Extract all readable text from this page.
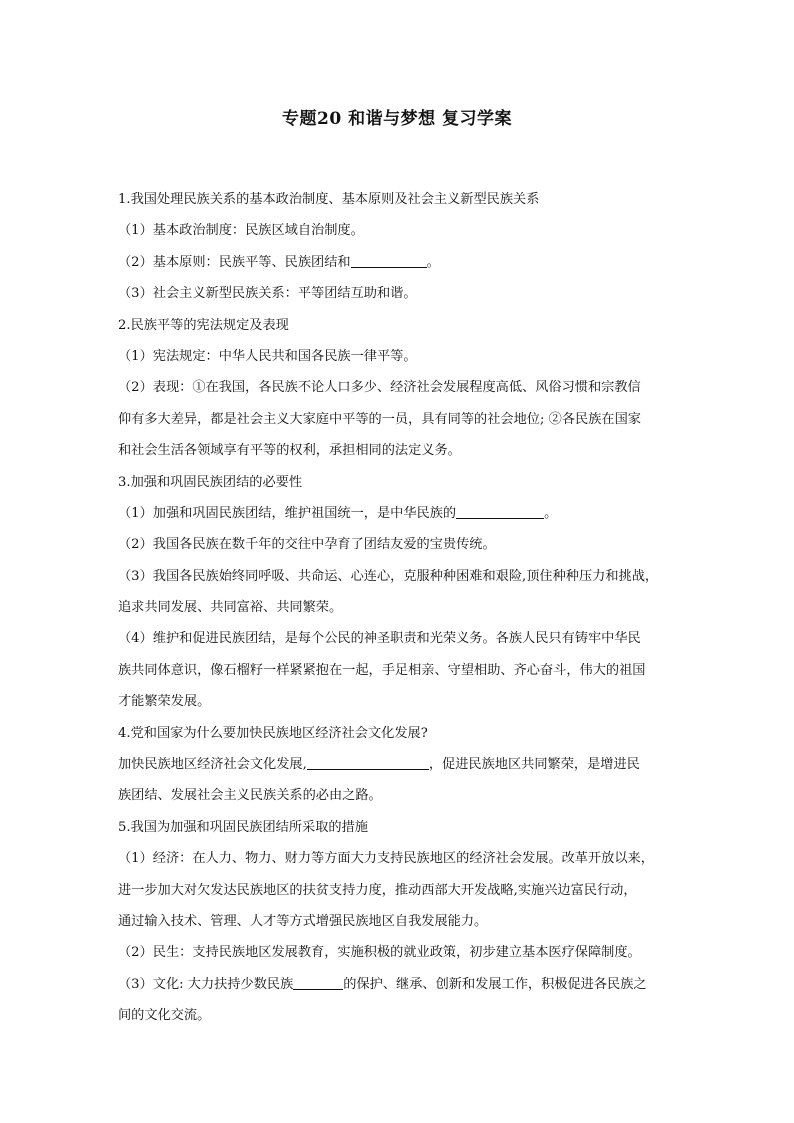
专题20 和谐与梦想 复习学案
1.我国处理民族关系的基本政治制度、基本原则及社会主义新型民族关系
（1）基本政治制度：民族区域自治制度。
（2）基本原则：民族平等、民族团结和	。
（3）社会主义新型民族关系：平等团结互助和谐。
2.民族平等的宪法规定及表现
（1）宪法规定：中华人民共和国各民族一律平等。
（2）表现：①在我国，各民族不论人口多少、经济社会发展程度高低、风俗习惯和宗教信
仰有多大差异，都是社会主义大家庭中平等的一员，具有同等的社会地位; ②各民族在国家
和社会生活各领域享有平等的权利，承担相同的法定义务。
3.加强和巩固民族团结的必要性
（1）加强和巩固民族团结，维护祖国统一，是中华民族的	。
（2）我国各民族在数千年的交往中孕育了团结友爱的宝贵传统。
（3）我国各民族始终同呼吸、共命运、心连心，克服种种困难和艰险,顶住种种压力和挑战，
追求共同发展、共同富裕、共同繁荣。
（4）维护和促进民族团结，是每个公民的神圣职责和光荣义务。各族人民只有铸牢中华民
族共同体意识，像石榴籽一样紧紧抱在一起，手足相亲、守望相助、齐心奋斗，伟大的祖国
才能繁荣发展。
4.党和国家为什么要加快民族地区经济社会文化发展?
加快民族地区经济社会文化发展,	，促进民族地区共同繁荣，是增进民
族团结、发展社会主义民族关系的必由之路。
5.我国为加强和巩固民族团结所采取的措施
（1）经济：在人力、物力、财力等方面大力支持民族地区的经济社会发展。改革开放以来，
进一步加大对欠发达民族地区的扶贫支持力度，推动西部大开发战略,实施兴边富民行动，
通过输入技术、管理、人才等方式增强民族地区自我发展能力。
（2）民生：支持民族地区发展教育，实施积极的就业政策，初步建立基本医疗保障制度。
（3）文化: 大力扶持少数民族	的保护、继承、创新和发展工作，积极促进各民族之
间的文化交流。
